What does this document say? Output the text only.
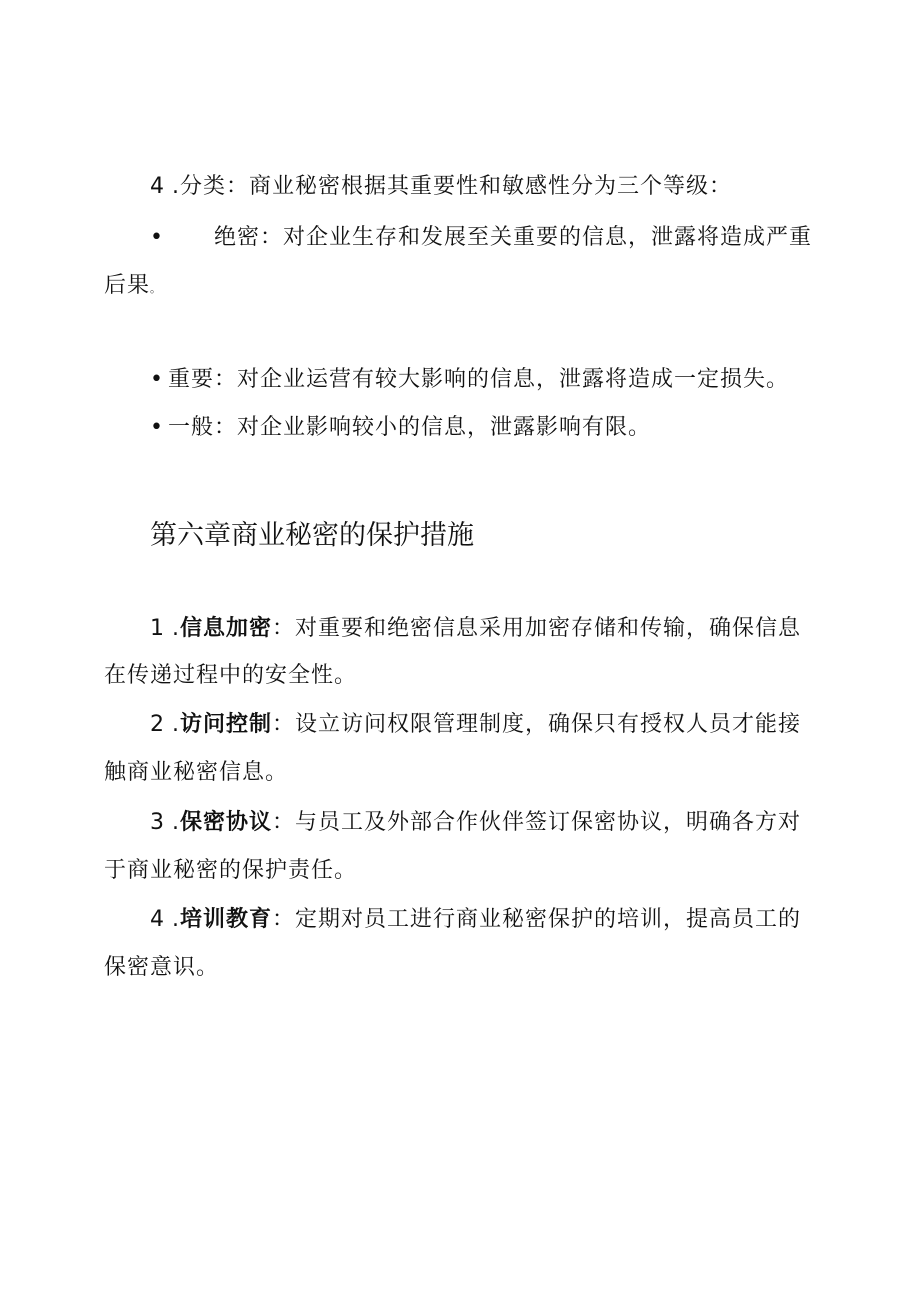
4 .分类：商业秘密根据其重要性和敏感性分为三个等级：
• 绝密：对企业生存和发展至关重要的信息，泄露将造成严重
后果。
• 重要：对企业运营有较大影响的信息，泄露将造成一定损失。
• 一般：对企业影响较小的信息，泄露影响有限。
第六章商业秘密的保护措施
1 .信息加密：对重要和绝密信息采用加密存储和传输，确保信息
在传递过程中的安全性。
2 .访问控制：设立访问权限管理制度，确保只有授权人员才能接
触商业秘密信息。
3 .保密协议：与员工及外部合作伙伴签订保密协议，明确各方对
于商业秘密的保护责任。
4 .培训教育：定期对员工进行商业秘密保护的培训，提高员工的
保密意识。
